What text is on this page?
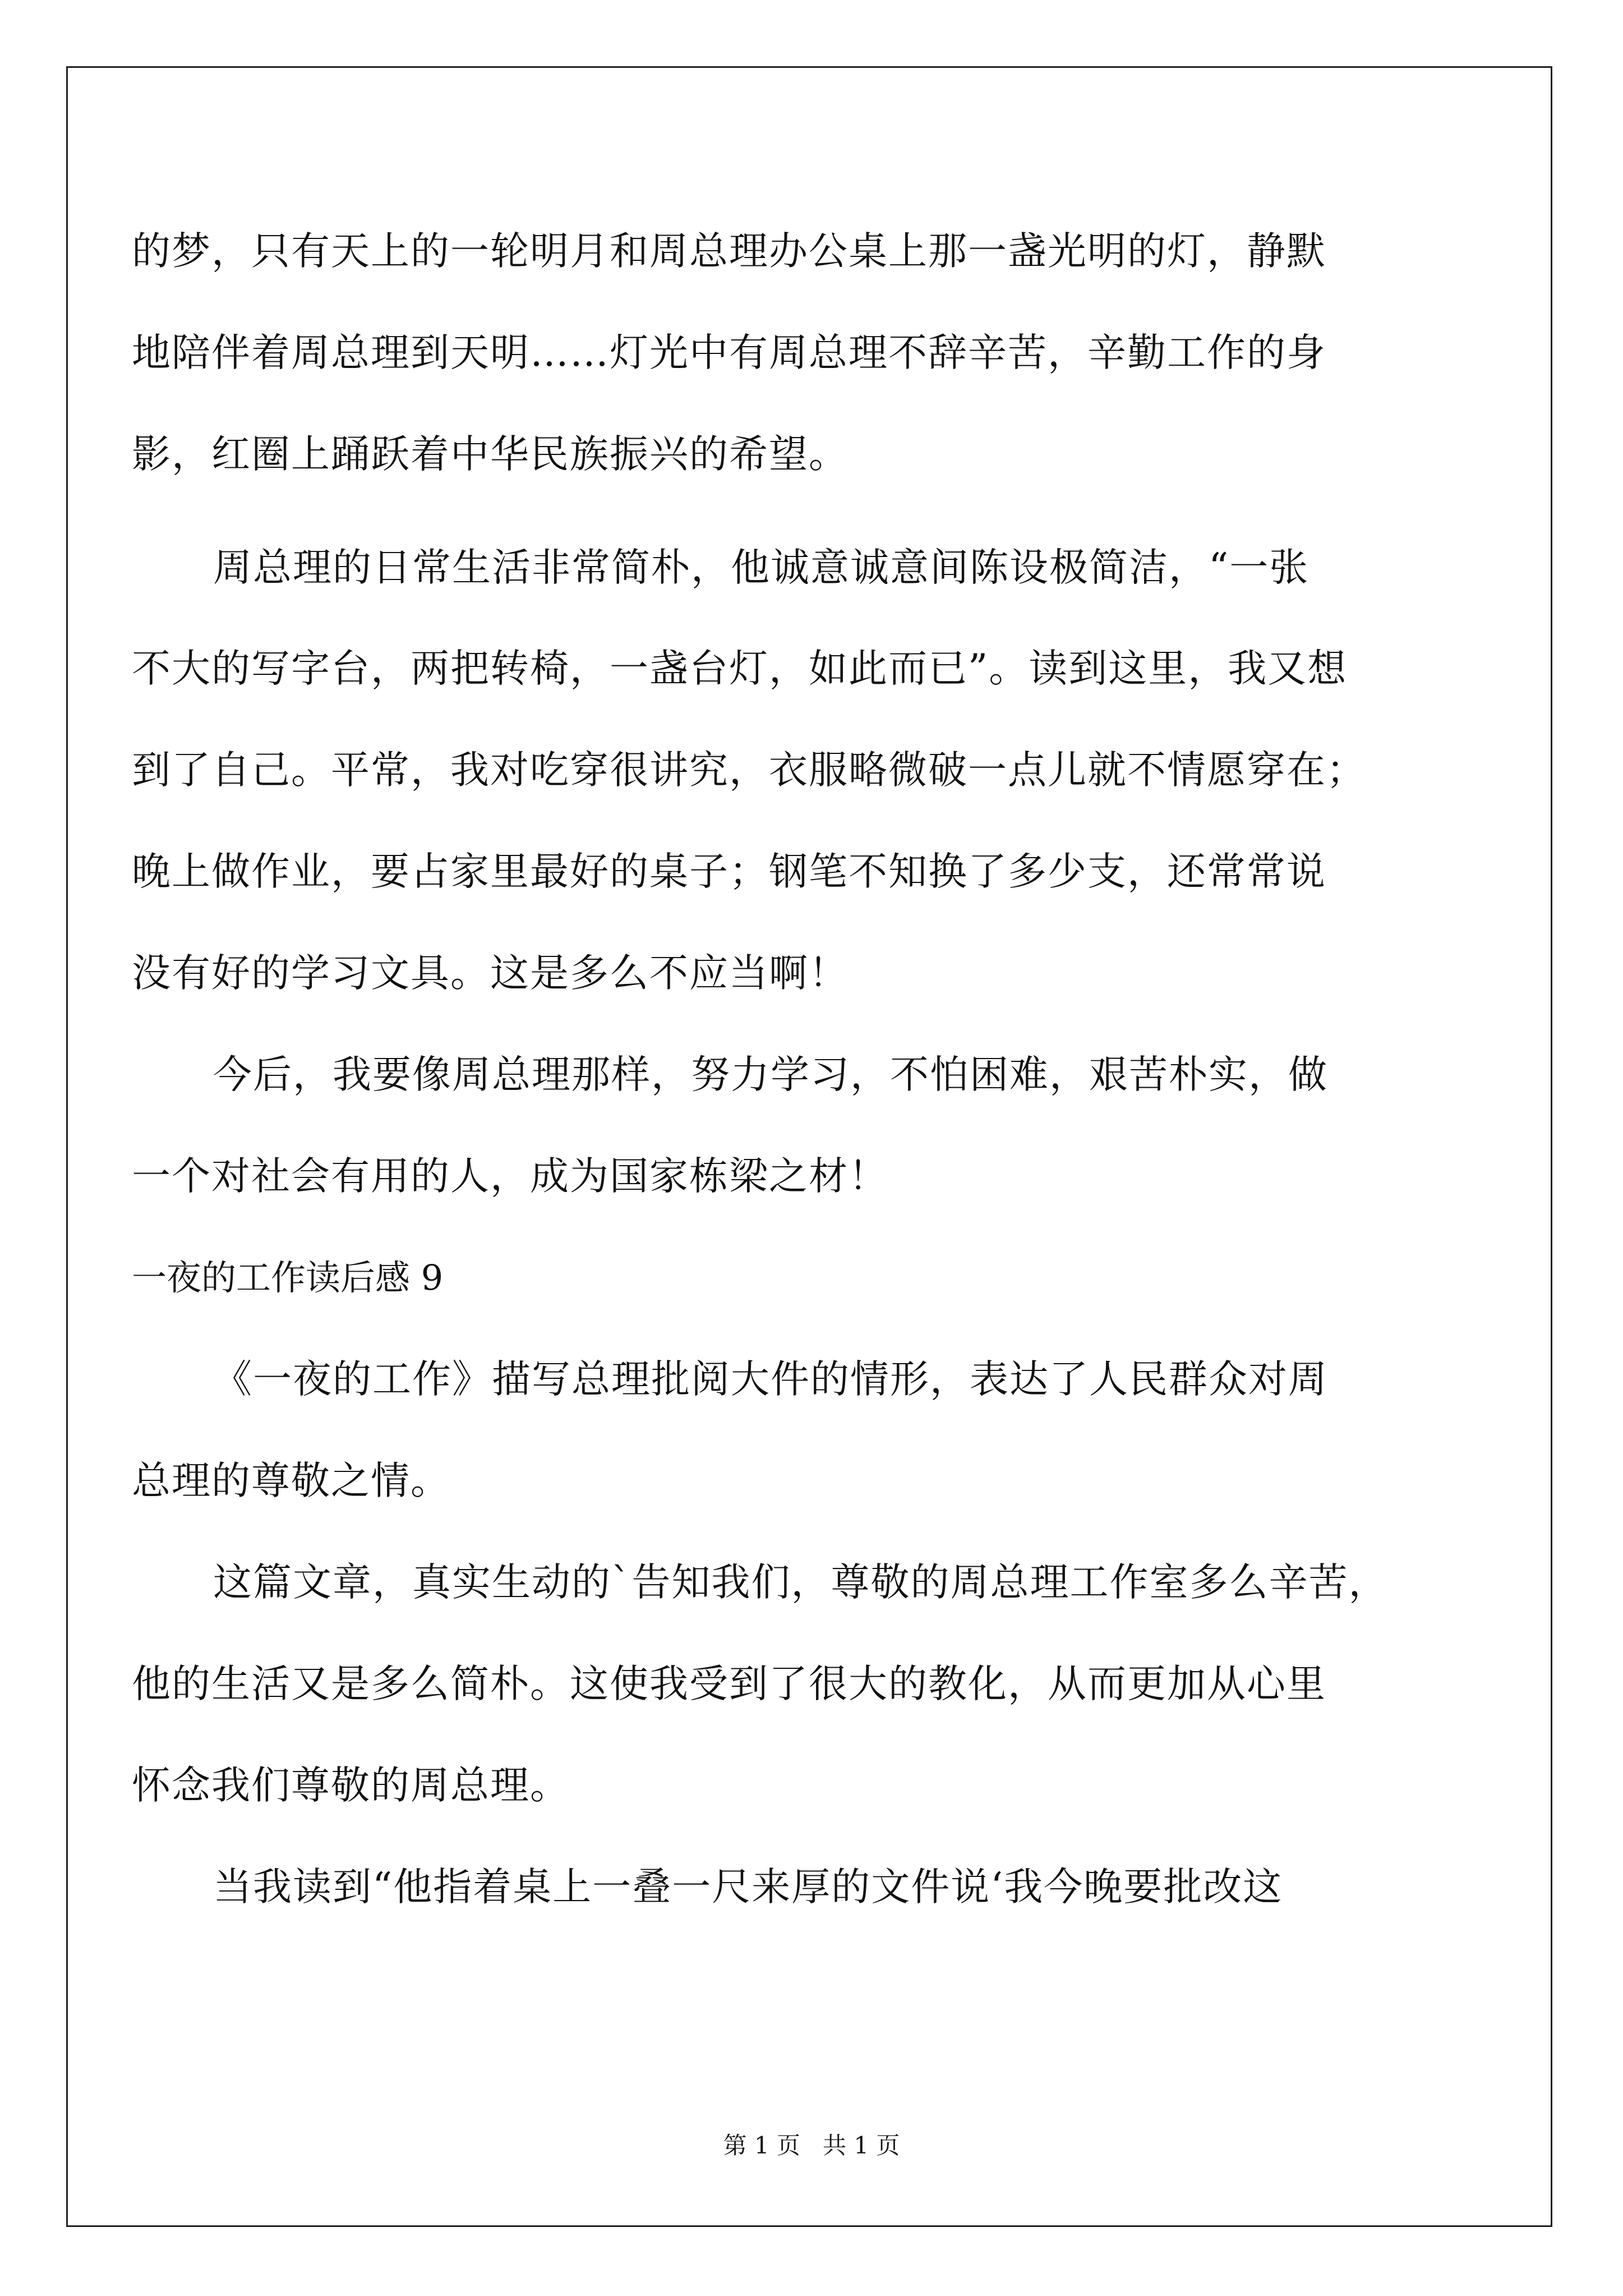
的梦，只有天上的一轮明月和周总理办公桌上那一盏光明的灯，静默
地陪伴着周总理到天明……灯光中有周总理不辞辛苦，辛勤工作的身
影，红圈上踊跃着中华民族振兴的希望。
周总理的日常生活非常简朴，他诚意诚意间陈设极简洁，“一张
不大的写字台，两把转椅，一盏台灯，如此而已”。读到这里，我又想
到了自己。平常，我对吃穿很讲究，衣服略微破一点儿就不情愿穿在；
晚上做作业，要占家里最好的桌子；钢笔不知换了多少支，还常常说
没有好的学习文具。这是多么不应当啊！
今后，我要像周总理那样，努力学习，不怕困难，艰苦朴实，做
一个对社会有用的人，成为国家栋梁之材！
一夜的工作读后感 9
《一夜的工作》描写总理批阅大件的情形，表达了人民群众对周
总理的尊敬之情。
这篇文章，真实生动的`告知我们，尊敬的周总理工作室多么辛苦，
他的生活又是多么简朴。这使我受到了很大的教化，从而更加从心里
怀念我们尊敬的周总理。
当我读到“他指着桌上一叠一尺来厚的文件说‘我今晚要批改这
第 1 页 共 1 页
